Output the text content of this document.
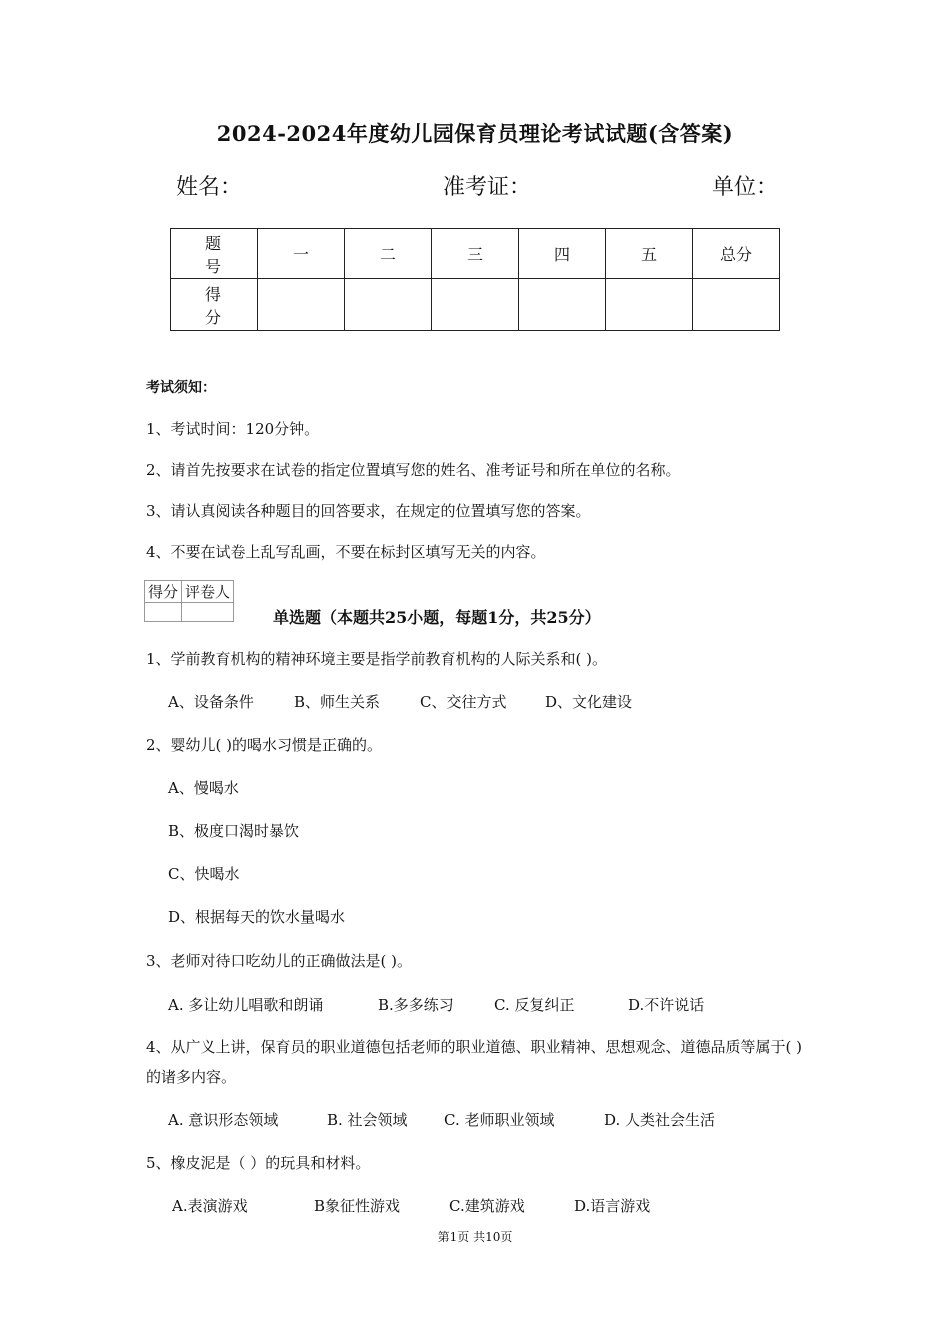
2024-2024年度幼儿园保育员理论考试试题(含答案)
姓名：	准考证：	单位：
题 号	一	二	三	四	五	总分
得 分						
考试须知：
1、考试时间：120分钟。
2、请首先按要求在试卷的指定位置填写您的姓名、准考证号和所在单位的名称。
3、请认真阅读各种题目的回答要求，在规定的位置填写您的答案。
4、不要在试卷上乱写乱画，不要在标封区填写无关的内容。
得分	评卷人

单选题（本题共25小题，每题1分，共25分）
1、学前教育机构的精神环境主要是指学前教育机构的人际关系和( )。
A、设备条件	B、师生关系	C、交往方式	D、文化建设
2、婴幼儿( )的喝水习惯是正确的。
A、慢喝水
B、极度口渴时暴饮
C、快喝水
D、根据每天的饮水量喝水
3、老师对待口吃幼儿的正确做法是( )。
A. 多让幼儿唱歌和朗诵	B.多多练习	C. 反复纠正	D.不许说话
4、从广义上讲，保育员的职业道德包括老师的职业道德、职业精神、思想观念、道德品质等属于( )的诸多内容。
A. 意识形态领域	B. 社会领域 C. 老师职业领域	D. 人类社会生活
5、橡皮泥是（ ）的玩具和材料。
A.表演游戏	B象征性游戏	C.建筑游戏	D.语言游戏
第1页 共10页
